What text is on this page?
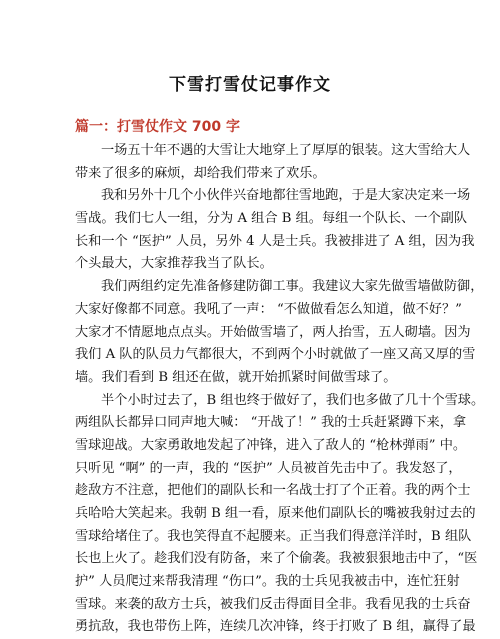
下雪打雪仗记事作文
篇一：打雪仗作文 700 字
一场五十年不遇的大雪让大地穿上了厚厚的银装。这大雪给大人
带来了很多的麻烦，却给我们带来了欢乐。
我和另外十几个小伙伴兴奋地都往雪地跑，于是大家决定来一场
雪战。我们七人一组，分为 A 组合 B 组。每组一个队长、一个副队
长和一个 “医护” 人员，另外 4 人是士兵。我被排进了 A 组，因为我
个头最大，大家推荐我当了队长。
我们两组约定先准备修建防御工事。我建议大家先做雪墙做防御，
大家好像都不同意。我吼了一声： “不做做看怎么知道，做不好？”
大家才不情愿地点点头。开始做雪墙了，两人抬雪，五人砌墙。因为
我们 A 队的队员力气都很大，不到两个小时就做了一座又高又厚的雪
墙。我们看到 B 组还在做，就开始抓紧时间做雪球了。
半个小时过去了，B 组也终于做好了，我们也多做了几十个雪球。
两组队长都异口同声地大喊： “开战了！” 我的士兵赶紧蹲下来，拿
雪球迎战。大家勇敢地发起了冲锋，进入了敌人的 “枪林弹雨” 中。
只听见 “啊” 的一声，我的 “医护” 人员被首先击中了。我发怒了，
趁敌方不注意，把他们的副队长和一名战士打了个正着。我的两个士
兵哈哈大笑起来。我朝 B 组一看，原来他们副队长的嘴被我射过去的
雪球给堵住了。我也笑得直不起腰来。正当我们得意洋洋时，B 组队
长也上火了。趁我们没有防备，来了个偷袭。我被狠狠地击中了，“医
护” 人员爬过来帮我清理 “伤口”。我的士兵见我被击中，连忙狂射
雪球。来袭的敌方士兵，被我们反击得面目全非。我看见我的士兵奋
勇抗敌，我也带伤上阵，连续几次冲锋，终于打败了 B 组，赢得了最
